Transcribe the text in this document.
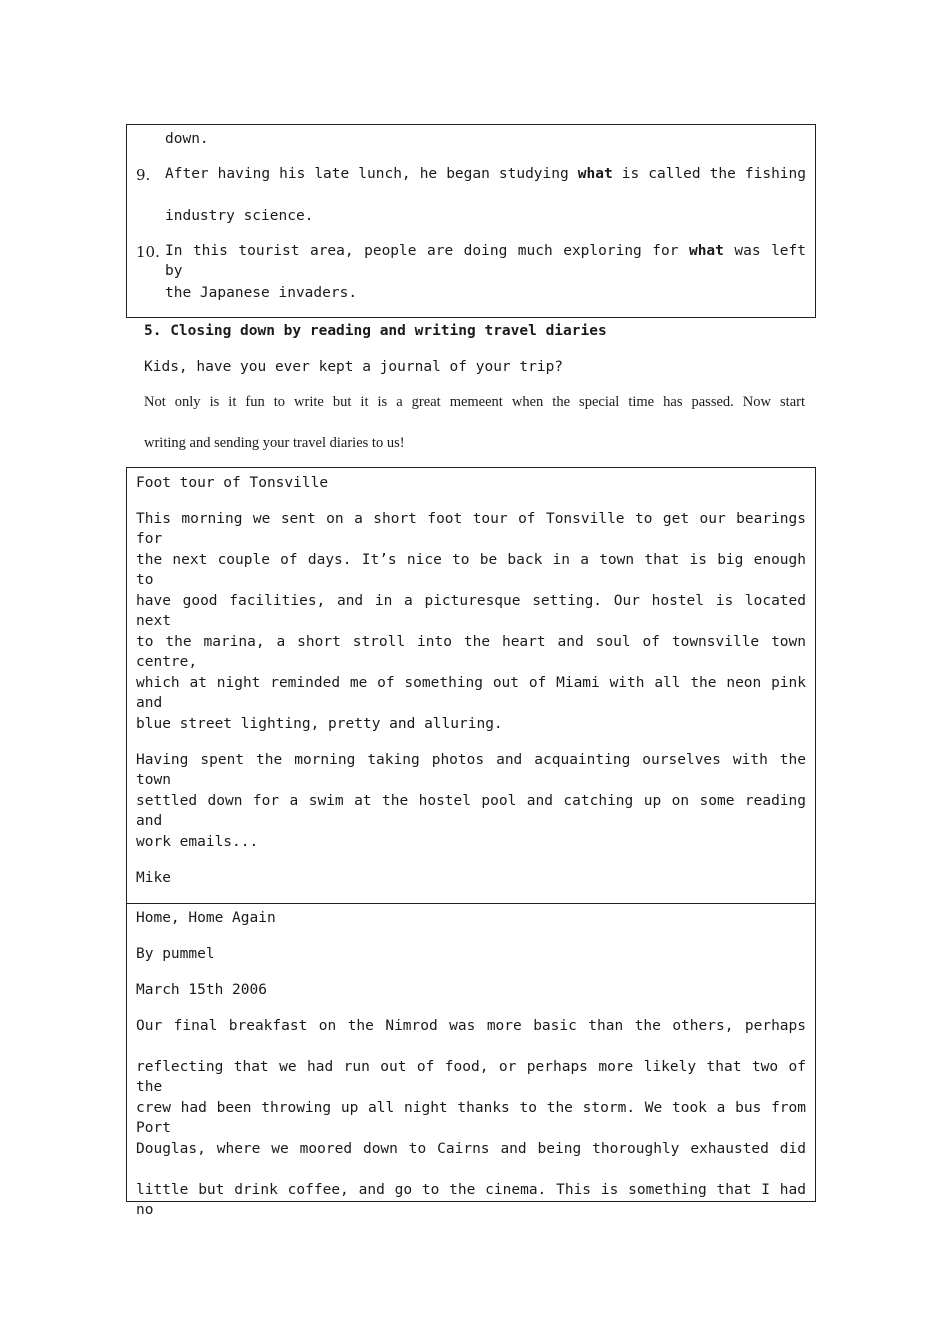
down.
9. After having his late lunch, he began studying what is called the fishing
industry science.
10. In this tourist area, people are doing much exploring for what was left by
the Japanese invaders.
5. Closing down by reading and writing travel diaries
Kids, have you ever kept a journal of your trip?
Not only is it fun to write but it is a great memeent when the special time has passed. Now start
writing and sending your travel diaries to us!
Foot tour of Tonsville
This morning we sent on a short foot tour of Tonsville to get our bearings for
the next couple of days. It’s nice to be back in a town that is big enough to
have good facilities, and in a picturesque setting. Our hostel is located next
to the marina, a short stroll into the heart and soul of townsville town centre,
which at night reminded me of something out of Miami with all the neon pink and
blue street lighting, pretty and alluring.
Having spent the morning taking photos and acquainting ourselves with the town
settled down for a swim at the hostel pool and catching up on some reading and
work emails...
Mike
Home, Home Again
By pummel
March 15th 2006
Our final breakfast on the Nimrod was more basic than the others, perhaps
reflecting that we had run out of food, or perhaps more likely that two of the
crew had been throwing up all night thanks to the storm. We took a bus from Port
Douglas, where we moored down to Cairns and being thoroughly exhausted did
little but drink coffee, and go to the cinema. This is something that I had no
